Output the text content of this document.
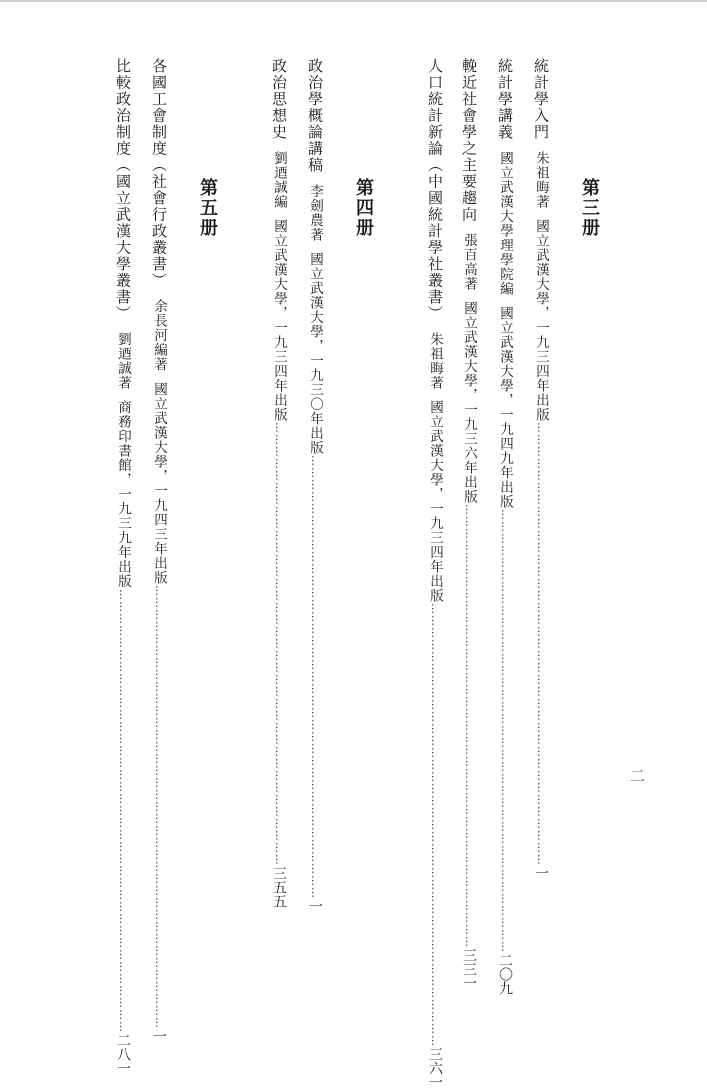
第三册
統計學入門
朱祖晦著
國立武漢大學，一九三四年出版
…………………………………………………………………………………………………
一
統計學講義
國立武漢大學理學院編
國立武漢大學，一九四九年出版
…………………………………………………………………………………………………
二〇九
輓近社會學之主要趨向
張百高著
國立武漢大學，一九三六年出版
…………………………………………………………………………………………………
三三一
人口統計新論（中國統計學社叢書）
朱祖晦著
國立武漢大學，一九三四年出版
…………………………………………………………………………………………………
三六一
第四册
政治學概論講稿
李劍農著
國立武漢大學，一九三〇年出版
…………………………………………………………………………………………………
一
政治思想史
劉迺誠編
國立武漢大學，一九三四年出版
…………………………………………………………………………………………………
三五五
第五册
各國工會制度（社會行政叢書）
余長河編著
國立武漢大學，一九四三年出版
…………………………………………………………………………………………………
一
比較政治制度（國立武漢大學叢書）
劉迺誠著
商務印書館，一九三九年出版
…………………………………………………………………………………………………
二八一
二
